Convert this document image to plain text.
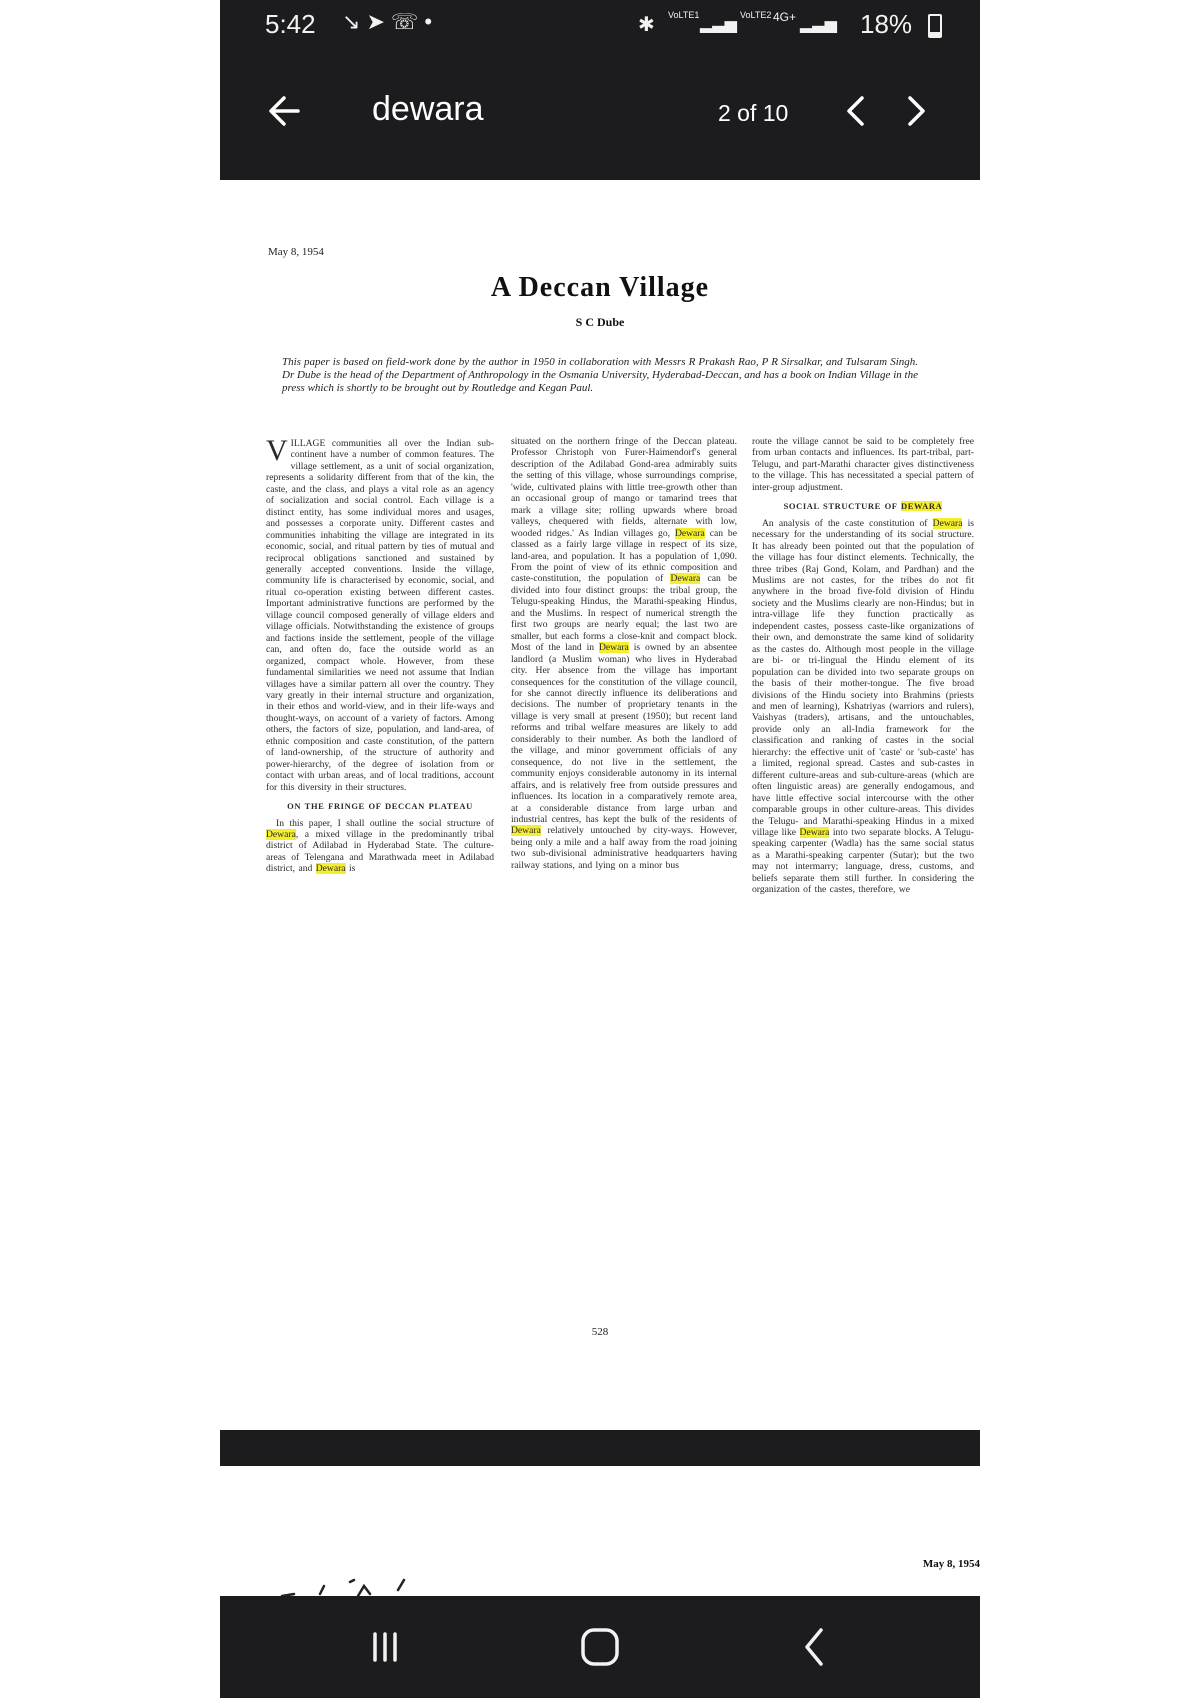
5:42 ↘➤☏•	✱ VoLTE1
▂▃▅
VoLTE2 4G+ ▂▃▅ 18%
dewara	2 of 10
May 8, 1954
A Deccan Village
S C Dube
This paper is based on field-work done by the author in 1950 in collaboration with Messrs R Prakash Rao, P R Sirsalkar, and Tulsaram Singh. Dr Dube is the head of the Department of Anthropology in the Osmania University, Hyderabad-Deccan, and has a book on Indian Village in the press which is shortly to be brought out by Routledge and Kegan Paul.

VILLAGE communities all over the Indian sub-continent have a number of common features. The village settlement, as a unit of social organization, represents a solidarity different from that of the kin, the caste, and the class, and plays a vital role as an agency of socialization and social control. Each village is a distinct entity, has some individual mores and usages, and possesses a corporate unity. Different castes and communities inhabiting the village are integrated in its economic, social, and ritual pattern by ties of mutual and reciprocal obligations sanctioned and sustained by generally accepted conventions. Inside the village, community life is characterised by economic, social, and ritual co-operation existing between different castes. Important administrative functions are performed by the village council composed generally of village elders and village officials. Notwithstanding the existence of groups and factions inside the settlement, people of the village can, and often do, face the outside world as an organized, compact whole. However, from these fundamental similarities we need not assume that Indian villages have a similar pattern all over the country. They vary greatly in their internal structure and organization, in their ethos and world-view, and in their life-ways and thought-ways, on account of a variety of factors. Among others, the factors of size, population, and land-area, of ethnic composition and caste constitution, of the pattern of land-ownership, of the structure of authority and power-hierarchy, of the degree of isolation from or contact with urban areas, and of local traditions, account for this diversity in their structures.

ON THE FRINGE OF DECCAN PLATEAU

In this paper, I shall outline the social structure of Dewara, a mixed village in the predominantly tribal district of Adilabad in Hyderabad State. The culture-areas of Telengana and Marathwada meet in Adilabad district, and Dewara is

situated on the northern fringe of the Deccan plateau. Professor Christoph von Furer-Haimendorf's general description of the Adilabad Gond-area admirably suits the setting of this village, whose surroundings comprise, 'wide, cultivated plains with little tree-growth other than an occasional group of mango or tamarind trees that mark a village site; rolling upwards where broad valleys, chequered with fields, alternate with low, wooded ridges.' As Indian villages go, Dewara can be classed as a fairly large village in respect of its size, land-area, and population. It has a population of 1,090. From the point of view of its ethnic composition and caste-constitution, the population of Dewara can be divided into four distinct groups: the tribal group, the Telugu-speaking Hindus, the Marathi-speaking Hindus, and the Muslims. In respect of numerical strength the first two groups are nearly equal; the last two are smaller, but each forms a close-knit and compact block. Most of the land in Dewara is owned by an absentee landlord (a Muslim woman) who lives in Hyderabad city. Her absence from the village has important consequences for the constitution of the village council, for she cannot directly influence its deliberations and decisions. The number of proprietary tenants in the village is very small at present (1950); but recent land reforms and tribal welfare measures are likely to add considerably to their number. As both the landlord of the village, and minor government officials of any consequence, do not live in the settlement, the community enjoys considerable autonomy in its internal affairs, and is relatively free from outside pressures and influences. Its location in a comparatively remote area, at a considerable distance from large urban and industrial centres, has kept the bulk of the residents of Dewara relatively untouched by city-ways. However, being only a mile and a half away from the road joining two sub-divisional administrative headquarters having railway stations, and lying on a minor bus

route the village cannot be said to be completely free from urban contacts and influences. Its part-tribal, part-Telugu, and part-Marathi character gives distinctiveness to the village. This has necessitated a special pattern of inter-group adjustment.

SOCIAL STRUCTURE OF DEWARA

An analysis of the caste constitution of Dewara is necessary for the understanding of its social structure. It has already been pointed out that the population of the village has four distinct elements. Technically, the three tribes (Raj Gond, Kolam, and Pardhan) and the Muslims are not castes, for the tribes do not fit anywhere in the broad five-fold division of Hindu society and the Muslims clearly are non-Hindus; but in intra-village life they function practically as independent castes, possess caste-like organizations of their own, and demonstrate the same kind of solidarity as the castes do. Although most people in the village are bi- or tri-lingual the Hindu element of its population can be divided into two separate groups on the basis of their mother-tongue. The five broad divisions of the Hindu society into Brahmins (priests and men of learning), Kshatriyas (warriors and rulers), Vaishyas (traders), artisans, and the untouchables, provide only an all-India framework for the classification and ranking of castes in the social hierarchy: the effective unit of 'caste' or 'sub-caste' has a limited, regional spread. Castes and sub-castes in different culture-areas and sub-culture-areas (which are often linguistic areas) are generally endogamous, and have little effective social intercourse with the other comparable groups in other culture-areas. This divides the Telugu- and Marathi-speaking Hindus in a mixed village like Dewara into two separate blocks. A Telugu-speaking carpenter (Wadla) has the same social status as a Marathi-speaking carpenter (Sutar); but the two may not intermarry; language, dress, customs, and beliefs separate them still further. In considering the organization of the castes, therefore, we

528
May 8, 1954
